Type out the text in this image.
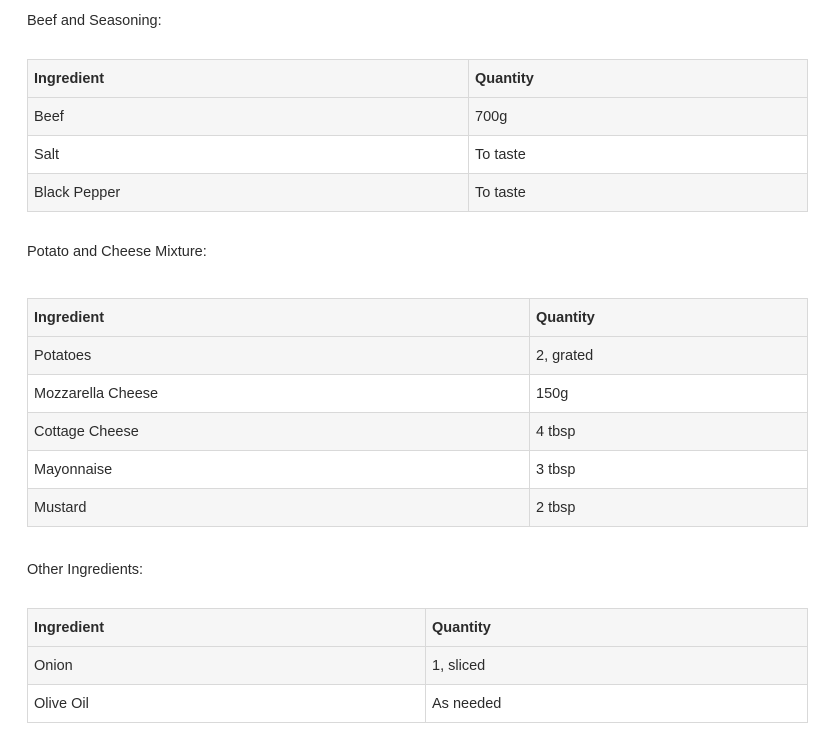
Beef and Seasoning:
Ingredient	Quantity
Beef	700g
Salt	To taste
Black Pepper	To taste
Potato and Cheese Mixture:
Ingredient	Quantity
Potatoes	2, grated
Mozzarella Cheese	150g
Cottage Cheese	4 tbsp
Mayonnaise	3 tbsp
Mustard	2 tbsp
Other Ingredients:
Ingredient	Quantity
Onion	1, sliced
Olive Oil	As needed
